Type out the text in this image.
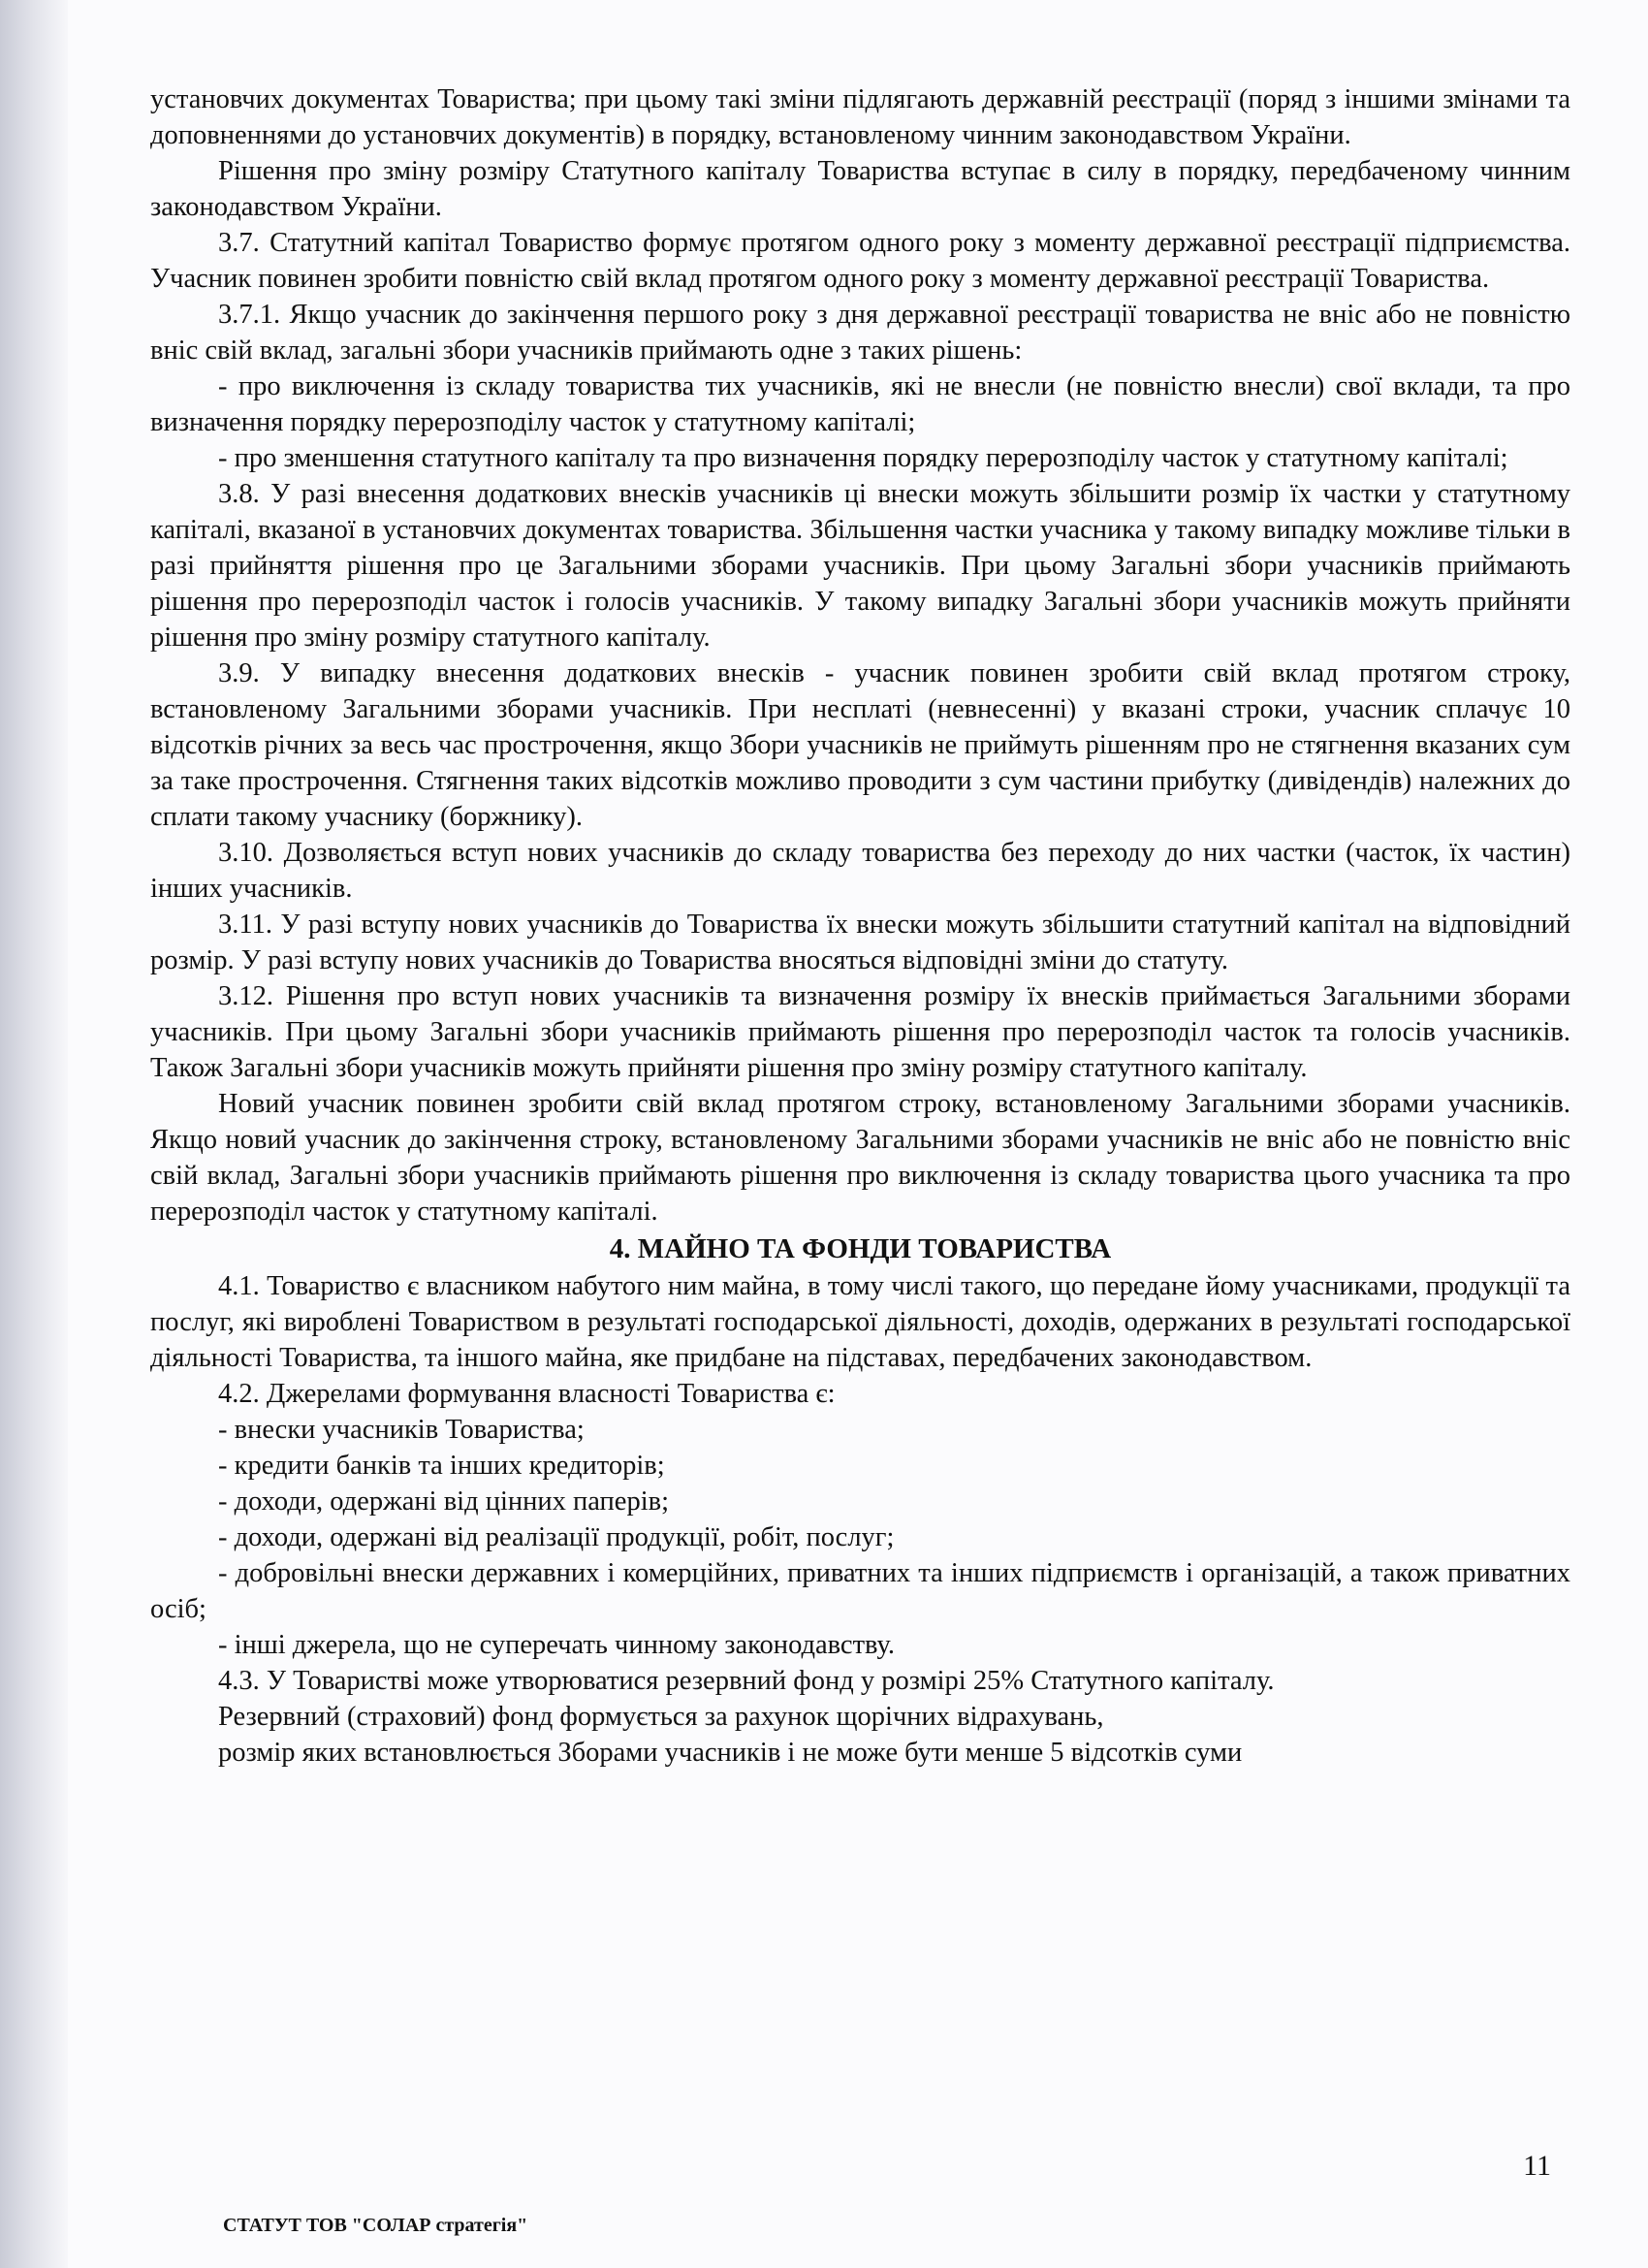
установчих документах Товариства; при цьому такі зміни підлягають державній реєстрації (поряд з іншими змінами та доповненнями до установчих документів) в порядку, встановленому чинним законодавством України.

Рішення про зміну розміру Статутного капіталу Товариства вступає в силу в порядку, передбаченому чинним законодавством України.

3.7. Статутний капітал Товариство формує протягом одного року з моменту державної реєстрації підприємства. Учасник повинен зробити повністю свій вклад протягом одного року з моменту державної реєстрації Товариства.

3.7.1. Якщо учасник до закінчення першого року з дня державної реєстрації товариства не вніс або не повністю вніс свій вклад, загальні збори учасників приймають одне з таких рішень:

- про виключення із складу товариства тих учасників, які не внесли (не повністю внесли) свої вклади, та про визначення порядку перерозподілу часток у статутному капіталі;

- про зменшення статутного капіталу та про визначення порядку перерозподілу часток у статутному капіталі;

3.8. У разі внесення додаткових внесків учасників ці внески можуть збільшити розмір їх частки у статутному капіталі, вказаної в установчих документах товариства. Збільшення частки учасника у такому випадку можливе тільки в разі прийняття рішення про це Загальними зборами учасників. При цьому Загальні збори учасників приймають рішення про перерозподіл часток і голосів учасників. У такому випадку Загальні збори учасників можуть прийняти рішення про зміну розміру статутного капіталу.

3.9. У випадку внесення додаткових внесків - учасник повинен зробити свій вклад протягом строку, встановленому Загальними зборами учасників. При несплаті (невнесенні) у вказані строки, учасник сплачує 10 відсотків річних за весь час прострочення, якщо Збори учасників не приймуть рішенням про не стягнення вказаних сум за таке прострочення. Стягнення таких відсотків можливо проводити з сум частини прибутку (дивідендів) належних до сплати такому учаснику (боржнику).

3.10. Дозволяється вступ нових учасників до складу товариства без переходу до них частки (часток, їх частин) інших учасників.

3.11. У разі вступу нових учасників до Товариства їх внески можуть збільшити статутний капітал на відповідний розмір. У разі вступу нових учасників до Товариства вносяться відповідні зміни до статуту.

3.12. Рішення про вступ нових учасників та визначення розміру їх внесків приймається Загальними зборами учасників. При цьому Загальні збори учасників приймають рішення про перерозподіл часток та голосів учасників. Також Загальні збори учасників можуть прийняти рішення про зміну розміру статутного капіталу.

Новий учасник повинен зробити свій вклад протягом строку, встановленому Загальними зборами учасників. Якщо новий учасник до закінчення строку, встановленому Загальними зборами учасників не вніс або не повністю вніс свій вклад, Загальні збори учасників приймають рішення про виключення із складу товариства цього учасника та про перерозподіл часток у статутному капіталі.

4. МАЙНО ТА ФОНДИ ТОВАРИСТВА

4.1. Товариство є власником набутого ним майна, в тому числі такого, що передане йому учасниками, продукції та послуг, які вироблені Товариством в результаті господарської діяльності, доходів, одержаних в результаті господарської діяльності Товариства, та іншого майна, яке придбане на підставах, передбачених законодавством.

4.2. Джерелами формування власності Товариства є:

- внески учасників Товариства;

- кредити банків та інших кредиторів;

- доходи, одержані від цінних паперів;

- доходи, одержані від реалізації продукції, робіт, послуг;

- добровільні внески державних і комерційних, приватних та інших підприємств і організацій, а також приватних осіб;

- інші джерела, що не суперечать чинному законодавству.

4.3. У Товаристві може утворюватися резервний фонд у розмірі 25% Статутного капіталу.

Резервний (страховий) фонд формується за рахунок щорічних відрахувань,

розмір яких встановлюється Зборами учасників і не може бути менше 5 відсотків суми

11
СТАТУТ ТОВ "СОЛАР стратегія"
